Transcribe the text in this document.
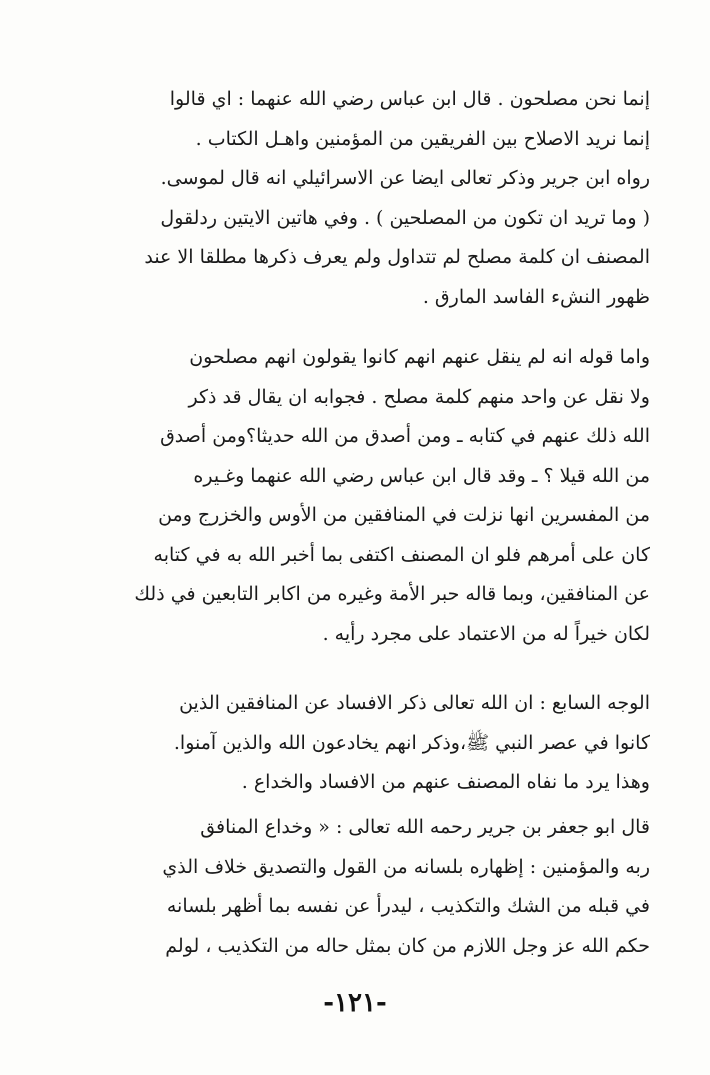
إنما نحن مصلحون . قال ابن عباس رضي الله عنهما : اي قالوا
إنما نريد الاصلاح بين الفريقين من المؤمنين واهـل الكتاب .
رواه ابن جرير وذكر تعالى ايضا عن الاسرائيلي انه قال لموسى.
( وما تريد ان تكون من المصلحين ) . وفي هاتين الايتين ردلقول
المصنف ان كلمة مصلح لم تتداول ولم يعرف ذكرها مطلقا الا عند
ظهور النشء الفاسد المارق .
واما قوله انه لم ينقل عنهم انهم كانوا يقولون انهم مصلحون
ولا نقل عن واحد منهم كلمة مصلح . فجوابه ان يقال قد ذكر
الله ذلك عنهم في كتابه ـ ومن أصدق من الله حديثا؟ومن أصدق
من الله قيلا ؟ ـ وقد قال ابن عباس رضي الله عنهما وغـيره
من المفسرين انها نزلت في المنافقين من الأوس والخزرج ومن
كان على أمرهم فلو ان المصنف اكتفى بما أخبر الله به في كتابه
عن المنافقين، وبما قاله حبر الأمة وغيره من اكابر التابعين في ذلك
لكان خيراً له من الاعتماد على مجرد رأيه .
الوجه السابع : ان الله تعالى ذكر الافساد عن المنافقين الذين
كانوا في عصر النبي ﷺ،وذكر انهم يخادعون الله والذين آمنوا.
وهذا يرد ما نفاه المصنف عنهم من الافساد والخداع .
قال ابو جعفر بن جرير رحمه الله تعالى : « وخداع المنافق
ربه والمؤمنين : إظهاره بلسانه من القول والتصديق خلاف الذي
في قبله من الشك والتكذيب ، ليدرأ عن نفسه بما أظهر بلسانه
حكم الله عز وجل اللازم من كان بمثل حاله من التكذيب ، لولم
-١٢١-
